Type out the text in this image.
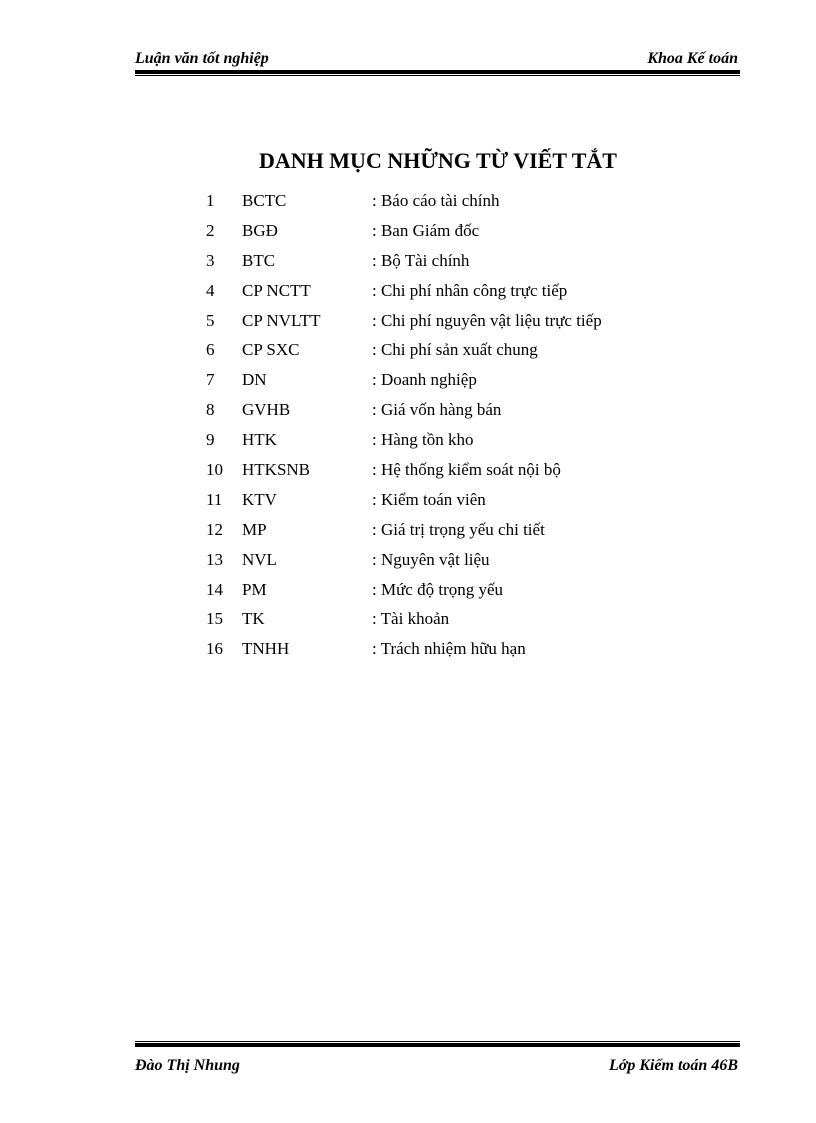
Luận văn tốt nghiệp	Khoa Kế toán
DANH MỤC NHỮNG TỪ VIẾT TẮT
1 BCTC	: Báo cáo tài chính
2 BGĐ	: Ban Giám đốc
3 BTC	: Bộ Tài chính
4 CP NCTT	: Chi phí nhân công trực tiếp
5 CP NVLTT	: Chi phí nguyên vật liệu trực tiếp
6 CP SXC	: Chi phí sản xuất chung
7 DN	: Doanh nghiệp
8 GVHB	: Giá vốn hàng bán
9 HTK	: Hàng tồn kho
10 HTKSNB	: Hệ thống kiểm soát nội bộ
11 KTV	: Kiểm toán viên
12 MP	: Giá trị trọng yếu chi tiết
13 NVL	: Nguyên vật liệu
14 PM	: Mức độ trọng yếu
15 TK	: Tài khoản
16 TNHH	: Trách nhiệm hữu hạn
Đào Thị Nhung	Lớp Kiểm toán 46B
